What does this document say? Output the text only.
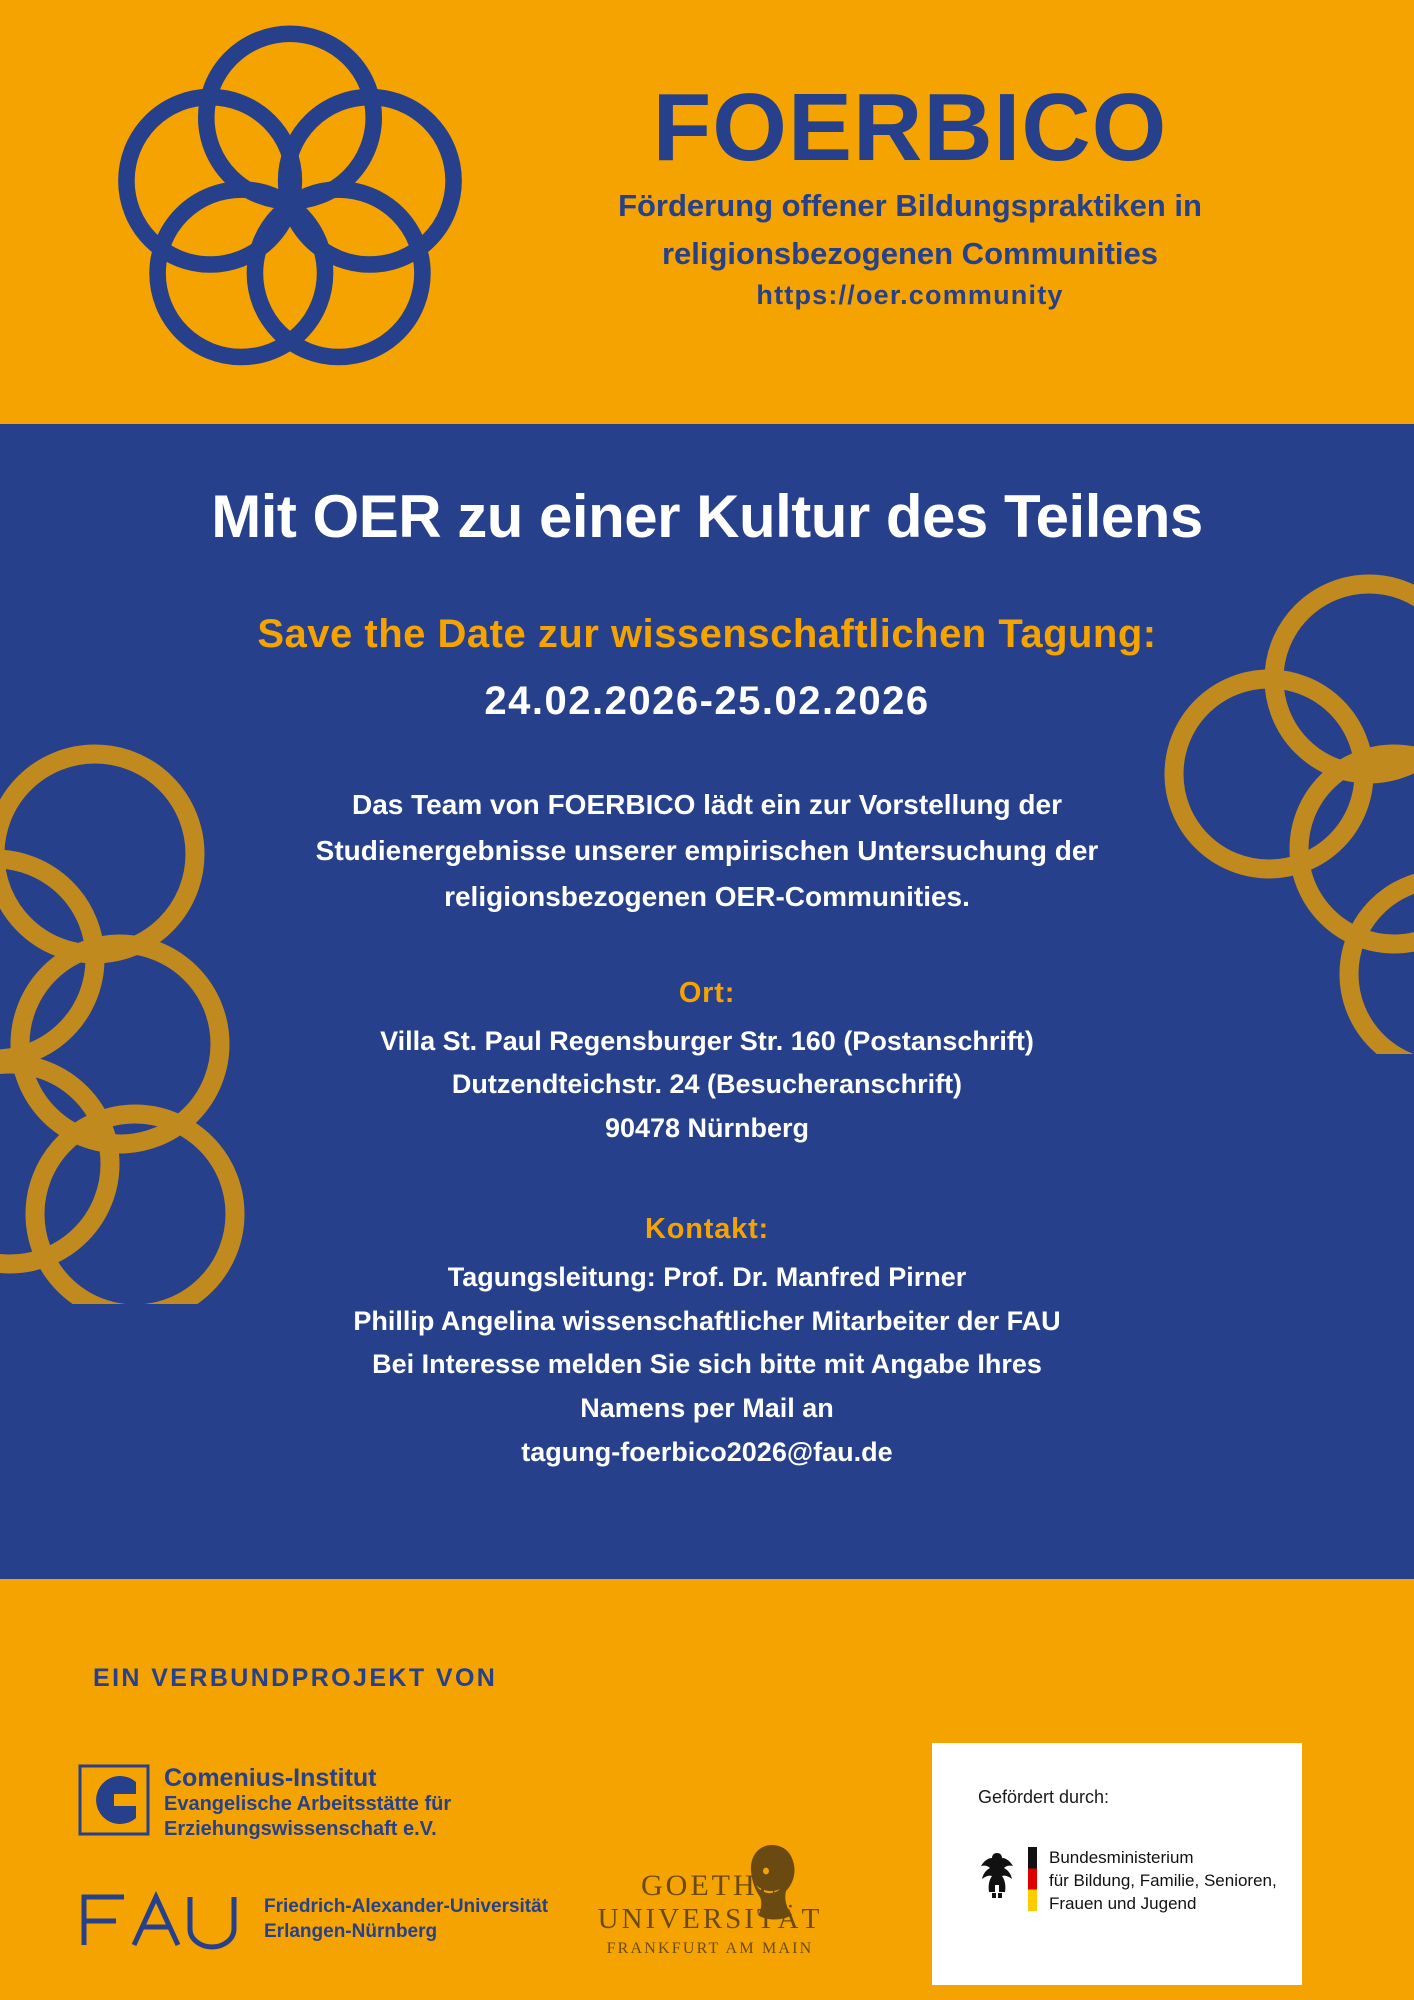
FOERBICO
Förderung offener Bildungspraktiken in
religionsbezogenen Communities
https://oer.community
Mit OER zu einer Kultur des Teilens
Save the Date zur wissenschaftlichen Tagung:
24.02.2026-25.02.2026
Das Team von FOERBICO lädt ein zur Vorstellung der
Studienergebnisse unserer empirischen Untersuchung der
religionsbezogenen OER-Communities.
Ort:
Villa St. Paul Regensburger Str. 160 (Postanschrift)
Dutzendteichstr. 24 (Besucheranschrift)
90478 Nürnberg
Kontakt:
Tagungsleitung: Prof. Dr. Manfred Pirner
Phillip Angelina wissenschaftlicher Mitarbeiter der FAU
Bei Interesse melden Sie sich bitte mit Angabe Ihres
Namens per Mail an
tagung-foerbico2026@fau.de
EIN VERBUNDPROJEKT VON
Comenius-Institut
Evangelische Arbeitsstätte für
Erziehungswissenschaft e.V.
Friedrich-Alexander-Universität
Erlangen-Nürnberg
GOETHE
UNIVERSITÄT
FRANKFURT AM MAIN
Gefördert durch:
Bundesministerium
für Bildung, Familie, Senioren,
Frauen und Jugend
